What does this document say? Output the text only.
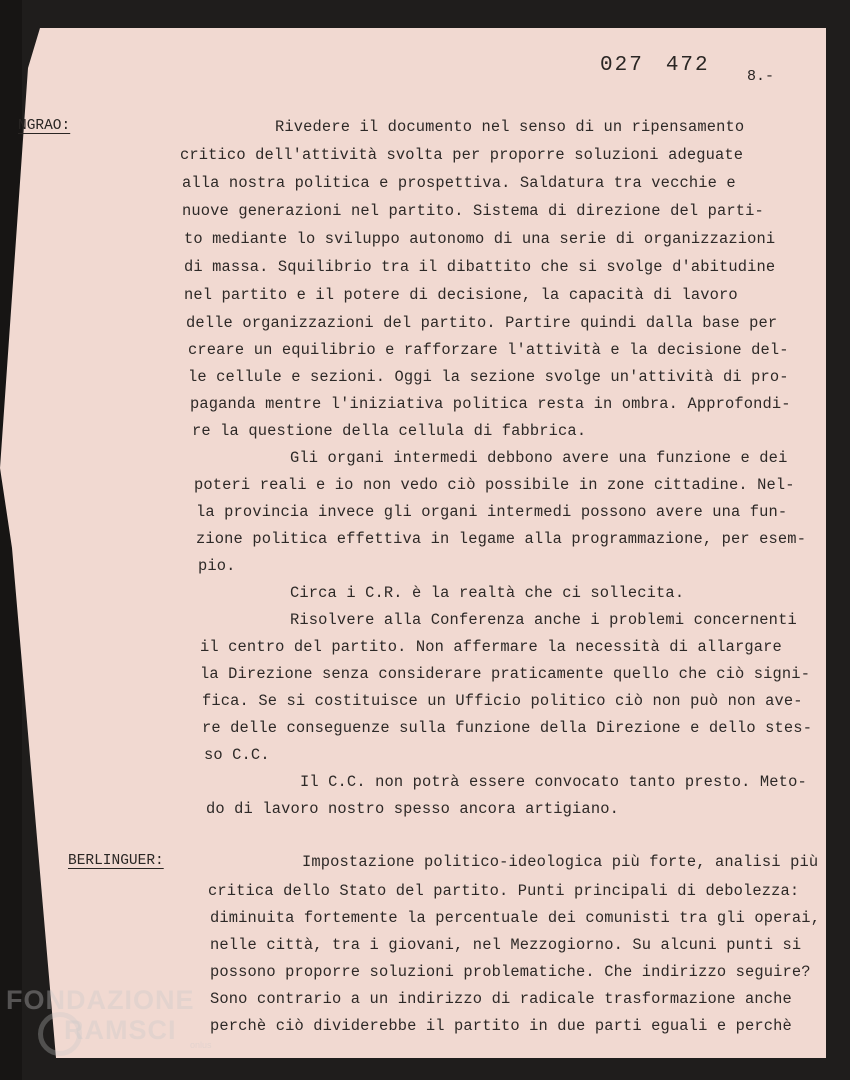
027 472 8.-
NGRAO:	Rivedere il documento nel senso di un ripensamento
critico dell'attività svolta per proporre soluzioni adeguate
alla nostra politica e prospettiva. Saldatura tra vecchie e
nuove generazioni nel partito. Sistema di direzione del parti-
to mediante lo sviluppo autonomo di una serie di organizzazioni
di massa. Squilibrio tra il dibattito che si svolge d'abitudine
nel partito e il potere di decisione, la capacità di lavoro
delle organizzazioni del partito. Partire quindi dalla base per
creare un equilibrio e rafforzare l'attività e la decisione del-
le cellule e sezioni. Oggi la sezione svolge un'attività di pro-
paganda mentre l'iniziativa politica resta in ombra. Approfondi-
re la questione della cellula di fabbrica.
Gli organi intermedi debbono avere una funzione e dei
poteri reali e io non vedo ciò possibile in zone cittadine. Nel-
la provincia invece gli organi intermedi possono avere una fun-
zione politica effettiva in legame alla programmazione, per esem-
pio.
Circa i C.R. è la realtà che ci sollecita.
Risolvere alla Conferenza anche i problemi concernenti
il centro del partito. Non affermare la necessità di allargare
la Direzione senza considerare praticamente quello che ciò signi-
fica. Se si costituisce un Ufficio politico ciò non può non ave-
re delle conseguenze sulla funzione della Direzione e dello stes-
so C.C.
Il C.C. non potrà essere convocato tanto presto. Meto-
do di lavoro nostro spesso ancora artigiano.
BERLINGUER:	Impostazione politico-ideologica più forte, analisi più
critica dello Stato del partito. Punti principali di debolezza:
diminuita fortemente la percentuale dei comunisti tra gli operai,
nelle città, tra i giovani, nel Mezzogiorno. Su alcuni punti si
possono proporre soluzioni problematiche. Che indirizzo seguire?
Sono contrario a un indirizzo di radicale trasformazione anche
perchè ciò dividerebbe il partito in due parti eguali e perchè
FONDAZIONE
RAMSCI onlus
